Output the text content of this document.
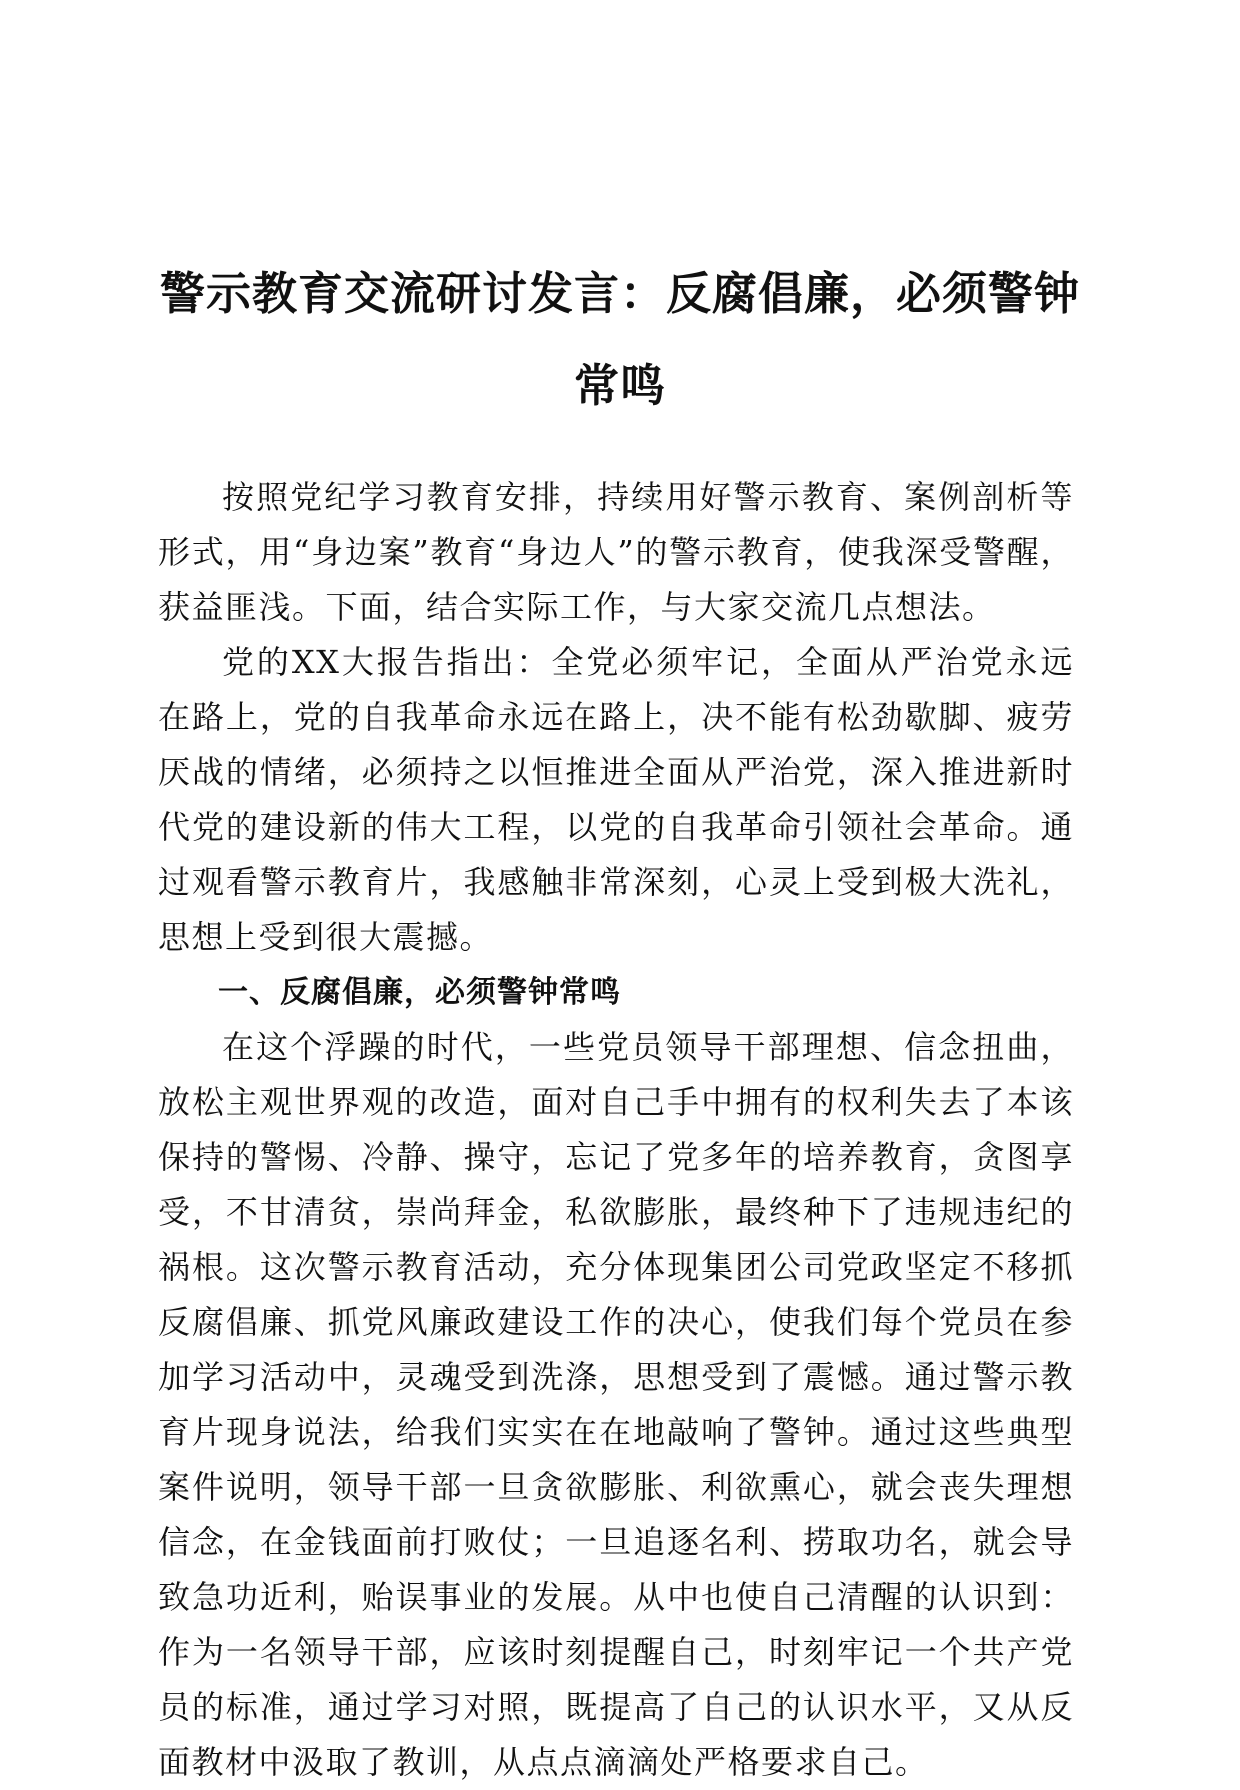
警示教育交流研讨发言：反腐倡廉，必须警钟常鸣

按照党纪学习教育安排，持续用好警示教育、案例剖析等形式，用“身边案”教育“身边人”的警示教育，使我深受警醒，获益匪浅。下面，结合实际工作，与大家交流几点想法。

党的XX大报告指出：全党必须牢记，全面从严治党永远在路上，党的自我革命永远在路上，决不能有松劲歇脚、疲劳厌战的情绪，必须持之以恒推进全面从严治党，深入推进新时代党的建设新的伟大工程，以党的自我革命引领社会革命。通过观看警示教育片，我感触非常深刻，心灵上受到极大洗礼，思想上受到很大震撼。

一、反腐倡廉，必须警钟常鸣

在这个浮躁的时代，一些党员领导干部理想、信念扭曲，放松主观世界观的改造，面对自己手中拥有的权利失去了本该保持的警惕、冷静、操守，忘记了党多年的培养教育，贪图享受，不甘清贫，崇尚拜金，私欲膨胀，最终种下了违规违纪的祸根。这次警示教育活动，充分体现集团公司党政坚定不移抓反腐倡廉、抓党风廉政建设工作的决心，使我们每个党员在参加学习活动中，灵魂受到洗涤，思想受到了震憾。通过警示教育片现身说法，给我们实实在在地敲响了警钟。通过这些典型案件说明，领导干部一旦贪欲膨胀、利欲熏心，就会丧失理想信念，在金钱面前打败仗；一旦追逐名利、捞取功名，就会导致急功近利，贻误事业的发展。从中也使自己清醒的认识到：作为一名领导干部，应该时刻提醒自己，时刻牢记一个共产党员的标准，通过学习对照，既提高了自己的认识水平，又从反面教材中汲取了教训，从点点滴滴处严格要求自己。
